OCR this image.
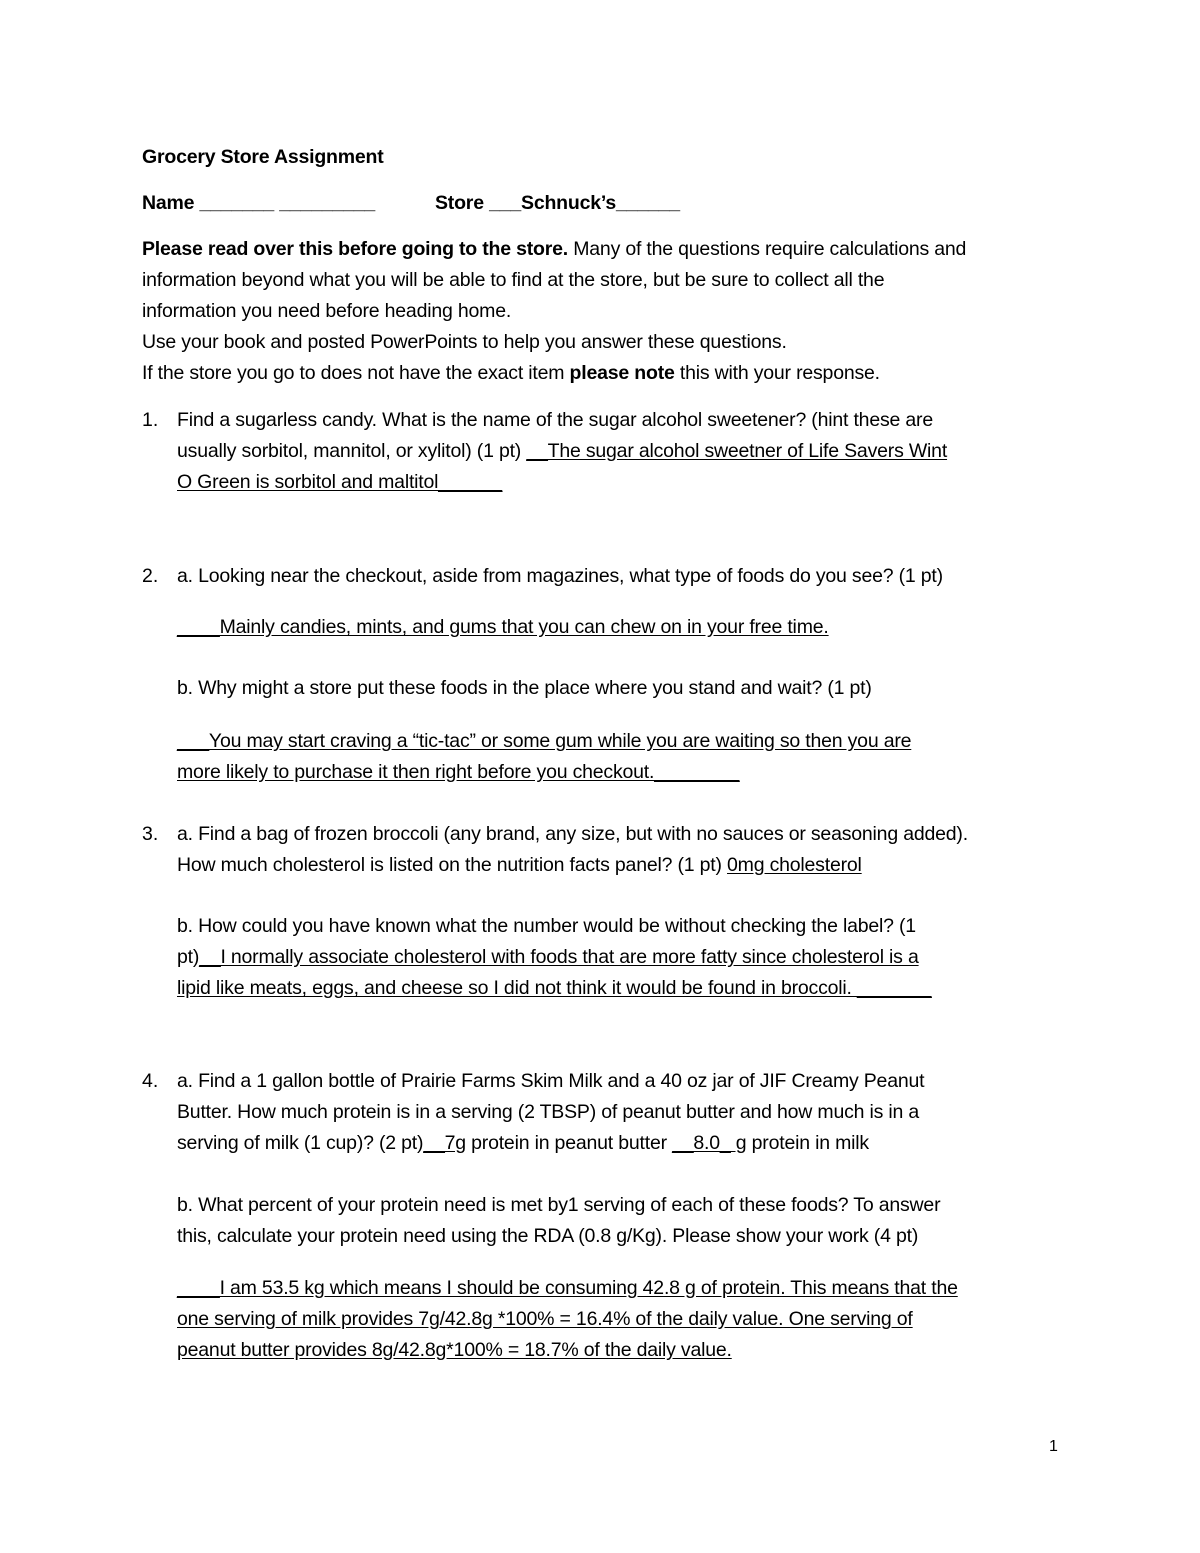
Grocery Store Assignment
Name _______ _________	Store ___Schnuck’s______
Please read over this before going to the store. Many of the questions require calculations and
information beyond what you will be able to find at the store, but be sure to collect all the
information you need before heading home.
Use your book and posted PowerPoints to help you answer these questions.
If the store you go to does not have the exact item please note this with your response.
1. Find a sugarless candy. What is the name of the sugar alcohol sweetener? (hint these are
usually sorbitol, mannitol, or xylitol) (1 pt) __The sugar alcohol sweetner of Life Savers Wint
O Green is sorbitol and maltitol______
2. a. Looking near the checkout, aside from magazines, what type of foods do you see? (1 pt)
____Mainly candies, mints, and gums that you can chew on in your free time.
b. Why might a store put these foods in the place where you stand and wait? (1 pt)
___You may start craving a “tic-tac” or some gum while you are waiting so then you are
more likely to purchase it then right before you checkout.________
3. a. Find a bag of frozen broccoli (any brand, any size, but with no sauces or seasoning added).
How much cholesterol is listed on the nutrition facts panel? (1 pt) 0mg cholesterol
b. How could you have known what the number would be without checking the label? (1
pt)__I normally associate cholesterol with foods that are more fatty since cholesterol is a
lipid like meats, eggs, and cheese so I did not think it would be found in broccoli. _______
4. a. Find a 1 gallon bottle of Prairie Farms Skim Milk and a 40 oz jar of JIF Creamy Peanut
Butter. How much protein is in a serving (2 TBSP) of peanut butter and how much is in a
serving of milk (1 cup)? (2 pt)__7g protein in peanut butter __8.0_ g protein in milk
b. What percent of your protein need is met by1 serving of each of these foods? To answer
this, calculate your protein need using the RDA (0.8 g/Kg). Please show your work (4 pt)
____I am 53.5 kg which means I should be consuming 42.8 g of protein. This means that the
one serving of milk provides 7g/42.8g *100% = 16.4% of the daily value. One serving of
peanut butter provides 8g/42.8g*100% = 18.7% of the daily value.
1
